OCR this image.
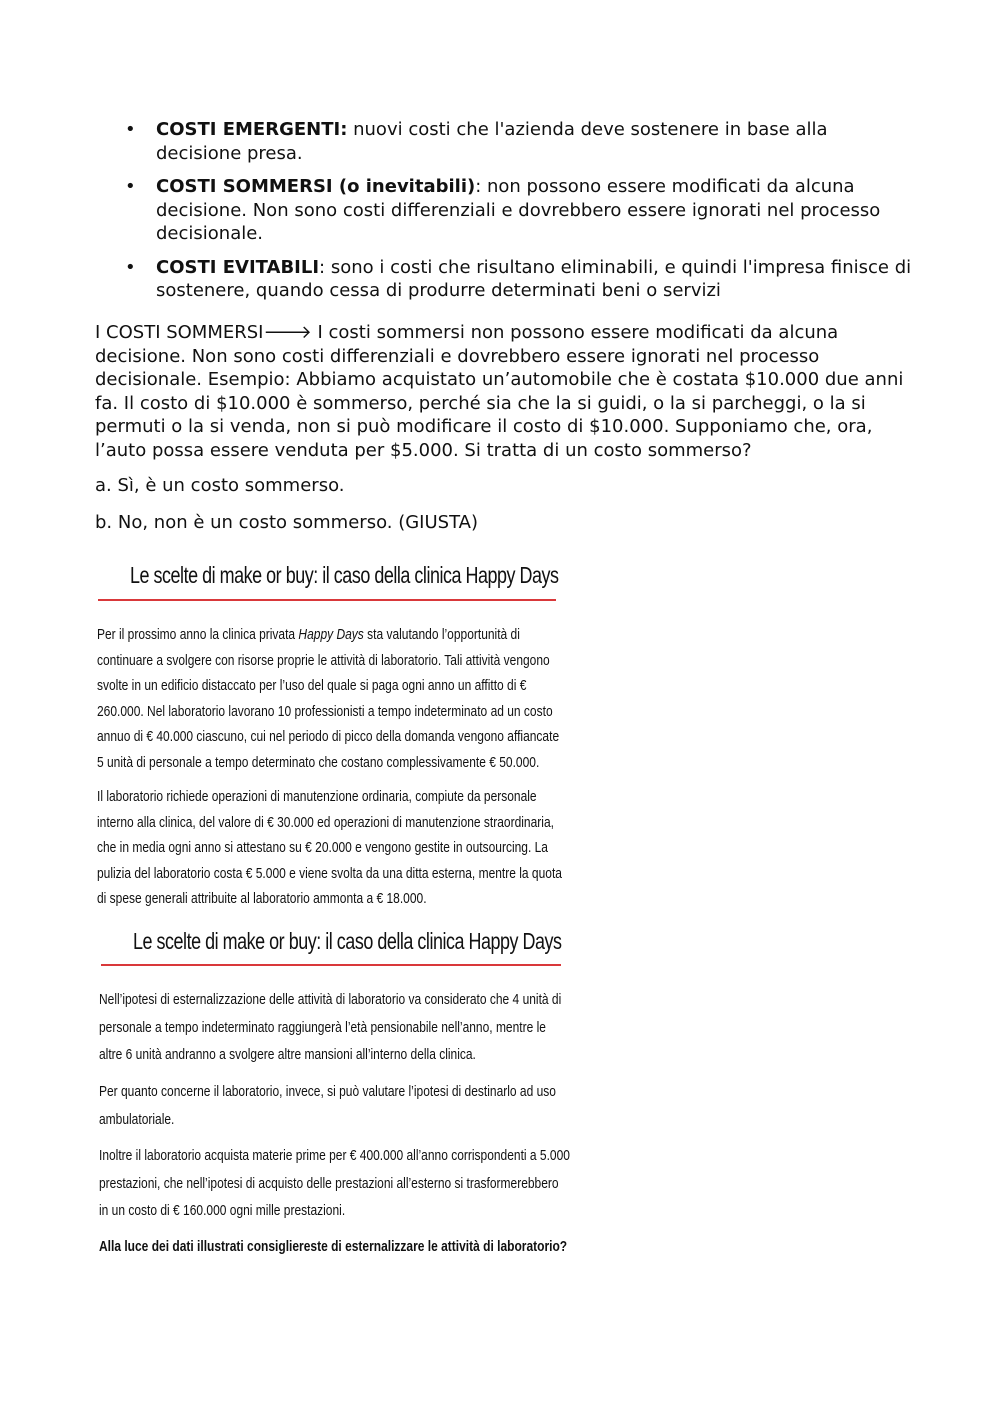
•	COSTI EMERGENTI: nuovi costi che l'azienda deve sostenere in base alla decisione presa.
•	COSTI SOMMERSI (o inevitabili): non possono essere modificati da alcuna decisione. Non sono costi differenziali e dovrebbero essere ignorati nel processo decisionale.
•	COSTI EVITABILI: sono i costi che risultano eliminabili, e quindi l'impresa finisce di sostenere, quando cessa di produrre determinati beni o servizi

I COSTI SOMMERSI🡒 I costi sommersi non possono essere modificati da alcuna decisione. Non sono costi differenziali e dovrebbero essere ignorati nel processo decisionale. Esempio: Abbiamo acquistato un’automobile che è costata $10.000 due anni fa. Il costo di $10.000 è sommerso, perché sia che la si guidi, o la si parcheggi, o la si permuti o la si venda, non si può modificare il costo di $10.000. Supponiamo che, ora, l’auto possa essere venduta per $5.000. Si tratta di un costo sommerso?

a. Sì, è un costo sommerso.

b. No, non è un costo sommerso. (GIUSTA)

Le scelte di make or buy: il caso della clinica Happy Days

Per il prossimo anno la clinica privata Happy Days sta valutando l’opportunità di continuare a svolgere con risorse proprie le attività di laboratorio. Tali attività vengono svolte in un edificio distaccato per l’uso del quale si paga ogni anno un affitto di € 260.000. Nel laboratorio lavorano 10 professionisti a tempo indeterminato ad un costo annuo di € 40.000 ciascuno, cui nel periodo di picco della domanda vengono affiancate 5 unità di personale a tempo determinato che costano complessivamente € 50.000.

Il laboratorio richiede operazioni di manutenzione ordinaria, compiute da personale interno alla clinica, del valore di € 30.000 ed operazioni di manutenzione straordinaria, che in media ogni anno si attestano su € 20.000 e vengono gestite in outsourcing. La pulizia del laboratorio costa € 5.000 e viene svolta da una ditta esterna, mentre la quota di spese generali attribuite al laboratorio ammonta a € 18.000.

Le scelte di make or buy: il caso della clinica Happy Days

Nell’ipotesi di esternalizzazione delle attività di laboratorio va considerato che 4 unità di personale a tempo indeterminato raggiungerà l’età pensionabile nell’anno, mentre le altre 6 unità andranno a svolgere altre mansioni all’interno della clinica.

Per quanto concerne il laboratorio, invece, si può valutare l’ipotesi di destinarlo ad uso ambulatoriale.

Inoltre il laboratorio acquista materie prime per € 400.000 all’anno corrispondenti a 5.000 prestazioni, che nell’ipotesi di acquisto delle prestazioni all’esterno si trasformerebbero in un costo di € 160.000 ogni mille prestazioni.

Alla luce dei dati illustrati consigliereste di esternalizzare le attività di laboratorio?
